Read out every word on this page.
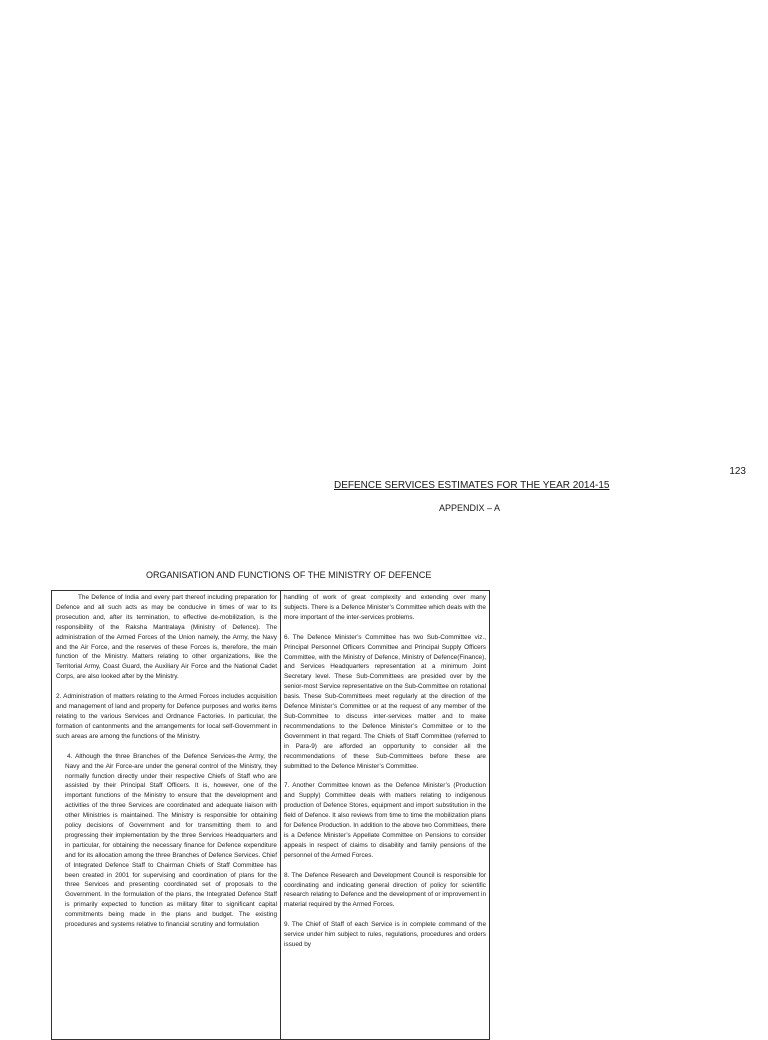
123
DEFENCE SERVICES ESTIMATES FOR THE YEAR 2014-15
APPENDIX – A
ORGANISATION AND FUNCTIONS OF THE MINISTRY OF DEFENCE

The Defence of India and every part thereof including preparation for Defence and all such acts as may be conducive in times of war to its prosecution and, after its termination, to effective de-mobilization, is the responsibility of the Raksha Mantralaya (Ministry of Defence). The administration of the Armed Forces of the Union namely, the Army, the Navy and the Air Force, and the reserves of these Forces is, therefore, the main function of the Ministry. Matters relating to other organizations, like the Territorial Army, Coast Guard, the Auxiliary Air Force and the National Cadet Corps, are also looked after by the Ministry.

2. Administration of matters relating to the Armed Forces includes acquisition and management of land and property for Defence purposes and works items relating to the various Services and Ordnance Factories. In particular, the formation of cantonments and the arrangements for local self-Government in such areas are among the functions of the Ministry.

4. Although the three Branches of the Defence Services-the Army, the Navy and the Air Force-are under the general control of the Ministry, they normally function directly under their respective Chiefs of Staff who are assisted by their Principal Staff Officers. It is, however, one of the important functions of the Ministry to ensure that the development and activities of the three Services are coordinated and adequate liaison with other Ministries is maintained. The Ministry is responsible for obtaining policy decisions of Government and for transmitting them to and progressing their implementation by the three Services Headquarters and in particular, for obtaining the necessary finance for Defence expenditure and for its allocation among the three Branches of Defence Services. Chief of Integrated Defence Staff to Chairman Chiefs of Staff Committee has been created in 2001 for supervising and coordination of plans for the three Services and presenting coordinated set of proposals to the Government. In the formulation of the plans, the Integrated Defence Staff is primarily expected to function as military filter to significant capital commitments being made in the plans and budget. The existing procedures and systems relative to financial scrutiny and formulation

handling of work of great complexity and extending over many subjects. There is a Defence Minister’s Committee which deals with the more important of the inter-services problems.

6. The Defence Minister’s Committee has two Sub-Committee viz., Principal Personnel Officers Committee and Principal Supply Officers Committee, with the Ministry of Defence, Ministry of Defence(Finance), and Services Headquarters representation at a minimum Joint Secretary level. These Sub-Committees are presided over by the senior-most Service representative on the Sub-Committee on rotational basis. These Sub-Committees meet regularly at the direction of the Defence Minister’s Committee or at the request of any member of the Sub-Committee to discuss inter-services matter and to make recommendations to the Defence Minister’s Committee or to the Government in that regard. The Chiefs of Staff Committee (referred to in Para-9) are afforded an opportunity to consider all the recommendations of these Sub-Committees before these are submitted to the Defence Minister’s Committee.

7. Another Committee known as the Defence Minister’s (Production and Supply) Committee deals with matters relating to indigenous production of Defence Stores, equipment and import substitution in the field of Defence. It also reviews from time to time the mobilization plans for Defence Production. In addition to the above two Committees, there is a Defence Minister’s Appellate Committee on Pensions to consider appeals in respect of claims to disability and family pensions of the personnel of the Armed Forces.

8. The Defence Research and Development Council is responsible for coordinating and indicating general direction of policy for scientific research relating to Defence and the development of or improvement in material required by the Armed Forces.

9. The Chief of Staff of each Service is in complete command of the service under him subject to rules, regulations, procedures and orders issued by
